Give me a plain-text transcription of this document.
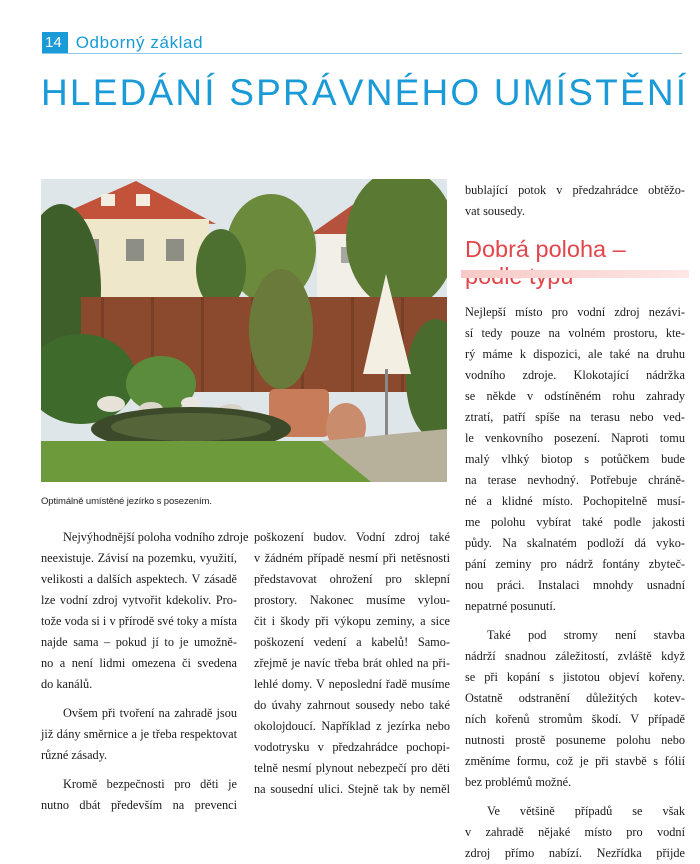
14 Odborný základ
HLEDÁNÍ SPRÁVNÉHO UMÍSTĚNÍ

Optimálně umístěné jezírko s posezením.

Nejvýhodnější poloha vodního zdroje
neexistuje. Závisí na pozemku, využití,
velikosti a dalších aspektech. V zásadě
lze vodní zdroj vytvořit kdekoliv. Pro-
tože voda si i v přírodě své toky a místa
najde sama – pokud jí to je umožně-
no a není lidmi omezena či svedena
do kanálů.

Ovšem při tvoření na zahradě jsou
již dány směrnice a je třeba respektovat
různé zásady.

Kromě bezpečnosti pro děti je
nutno dbát především na prevenci

poškození budov. Vodní zdroj také
v žádném případě nesmí při netěsnosti
představovat ohrožení pro sklepní
prostory. Nakonec musíme vylou-
čit i škody při výkopu zeminy, a sice
poškození vedení a kabelů! Samo-
zřejmě je navíc třeba brát ohled na při-
lehlé domy. V neposlední řadě musíme
do úvahy zahrnout sousedy nebo také
okolojdoucí. Například z jezírka nebo
vodotrysku v předzahrádce pochopi-
telně nesmí plynout nebezpečí pro děti
na sousední ulici. Stejně tak by neměl

bublající potok v předzahrádce obtěžo-
vat sousedy.

Dobrá poloha –

Nejlepší místo pro vodní zdroj nezávi-
sí tedy pouze na volném prostoru, kte-
rý máme k dispozici, ale také na druhu
vodního zdroje. Klokotající nádržka
se někde v odstíněném rohu zahrady
ztratí, patří spíše na terasu nebo ved-
le venkovního posezení. Naproti tomu
malý vlhký biotop s potůčkem bude
na terase nevhodný. Potřebuje chráně-
né a klidné místo. Pochopitelně musí-
me polohu vybírat také podle jakosti
půdy. Na skalnatém podloží dá vyko-
pání zeminy pro nádrž fontány zbyteč-
nou práci. Instalaci mnohdy usnadní
nepatrné posunutí.

Také pod stromy není stavba
nádrží snadnou záležitostí, zvláště když
se při kopání s jistotou objeví kořeny.
Ostatně odstranění důležitých kotev-
ních kořenů stromům škodí. V případě
nutnosti prostě posuneme polohu nebo
změníme formu, což je při stavbě s fólií
bez problémů možné.

Ve většině případů se však
v zahradě nějaké místo pro vodní
zdroj přímo nabízí. Nezřídka přijde
